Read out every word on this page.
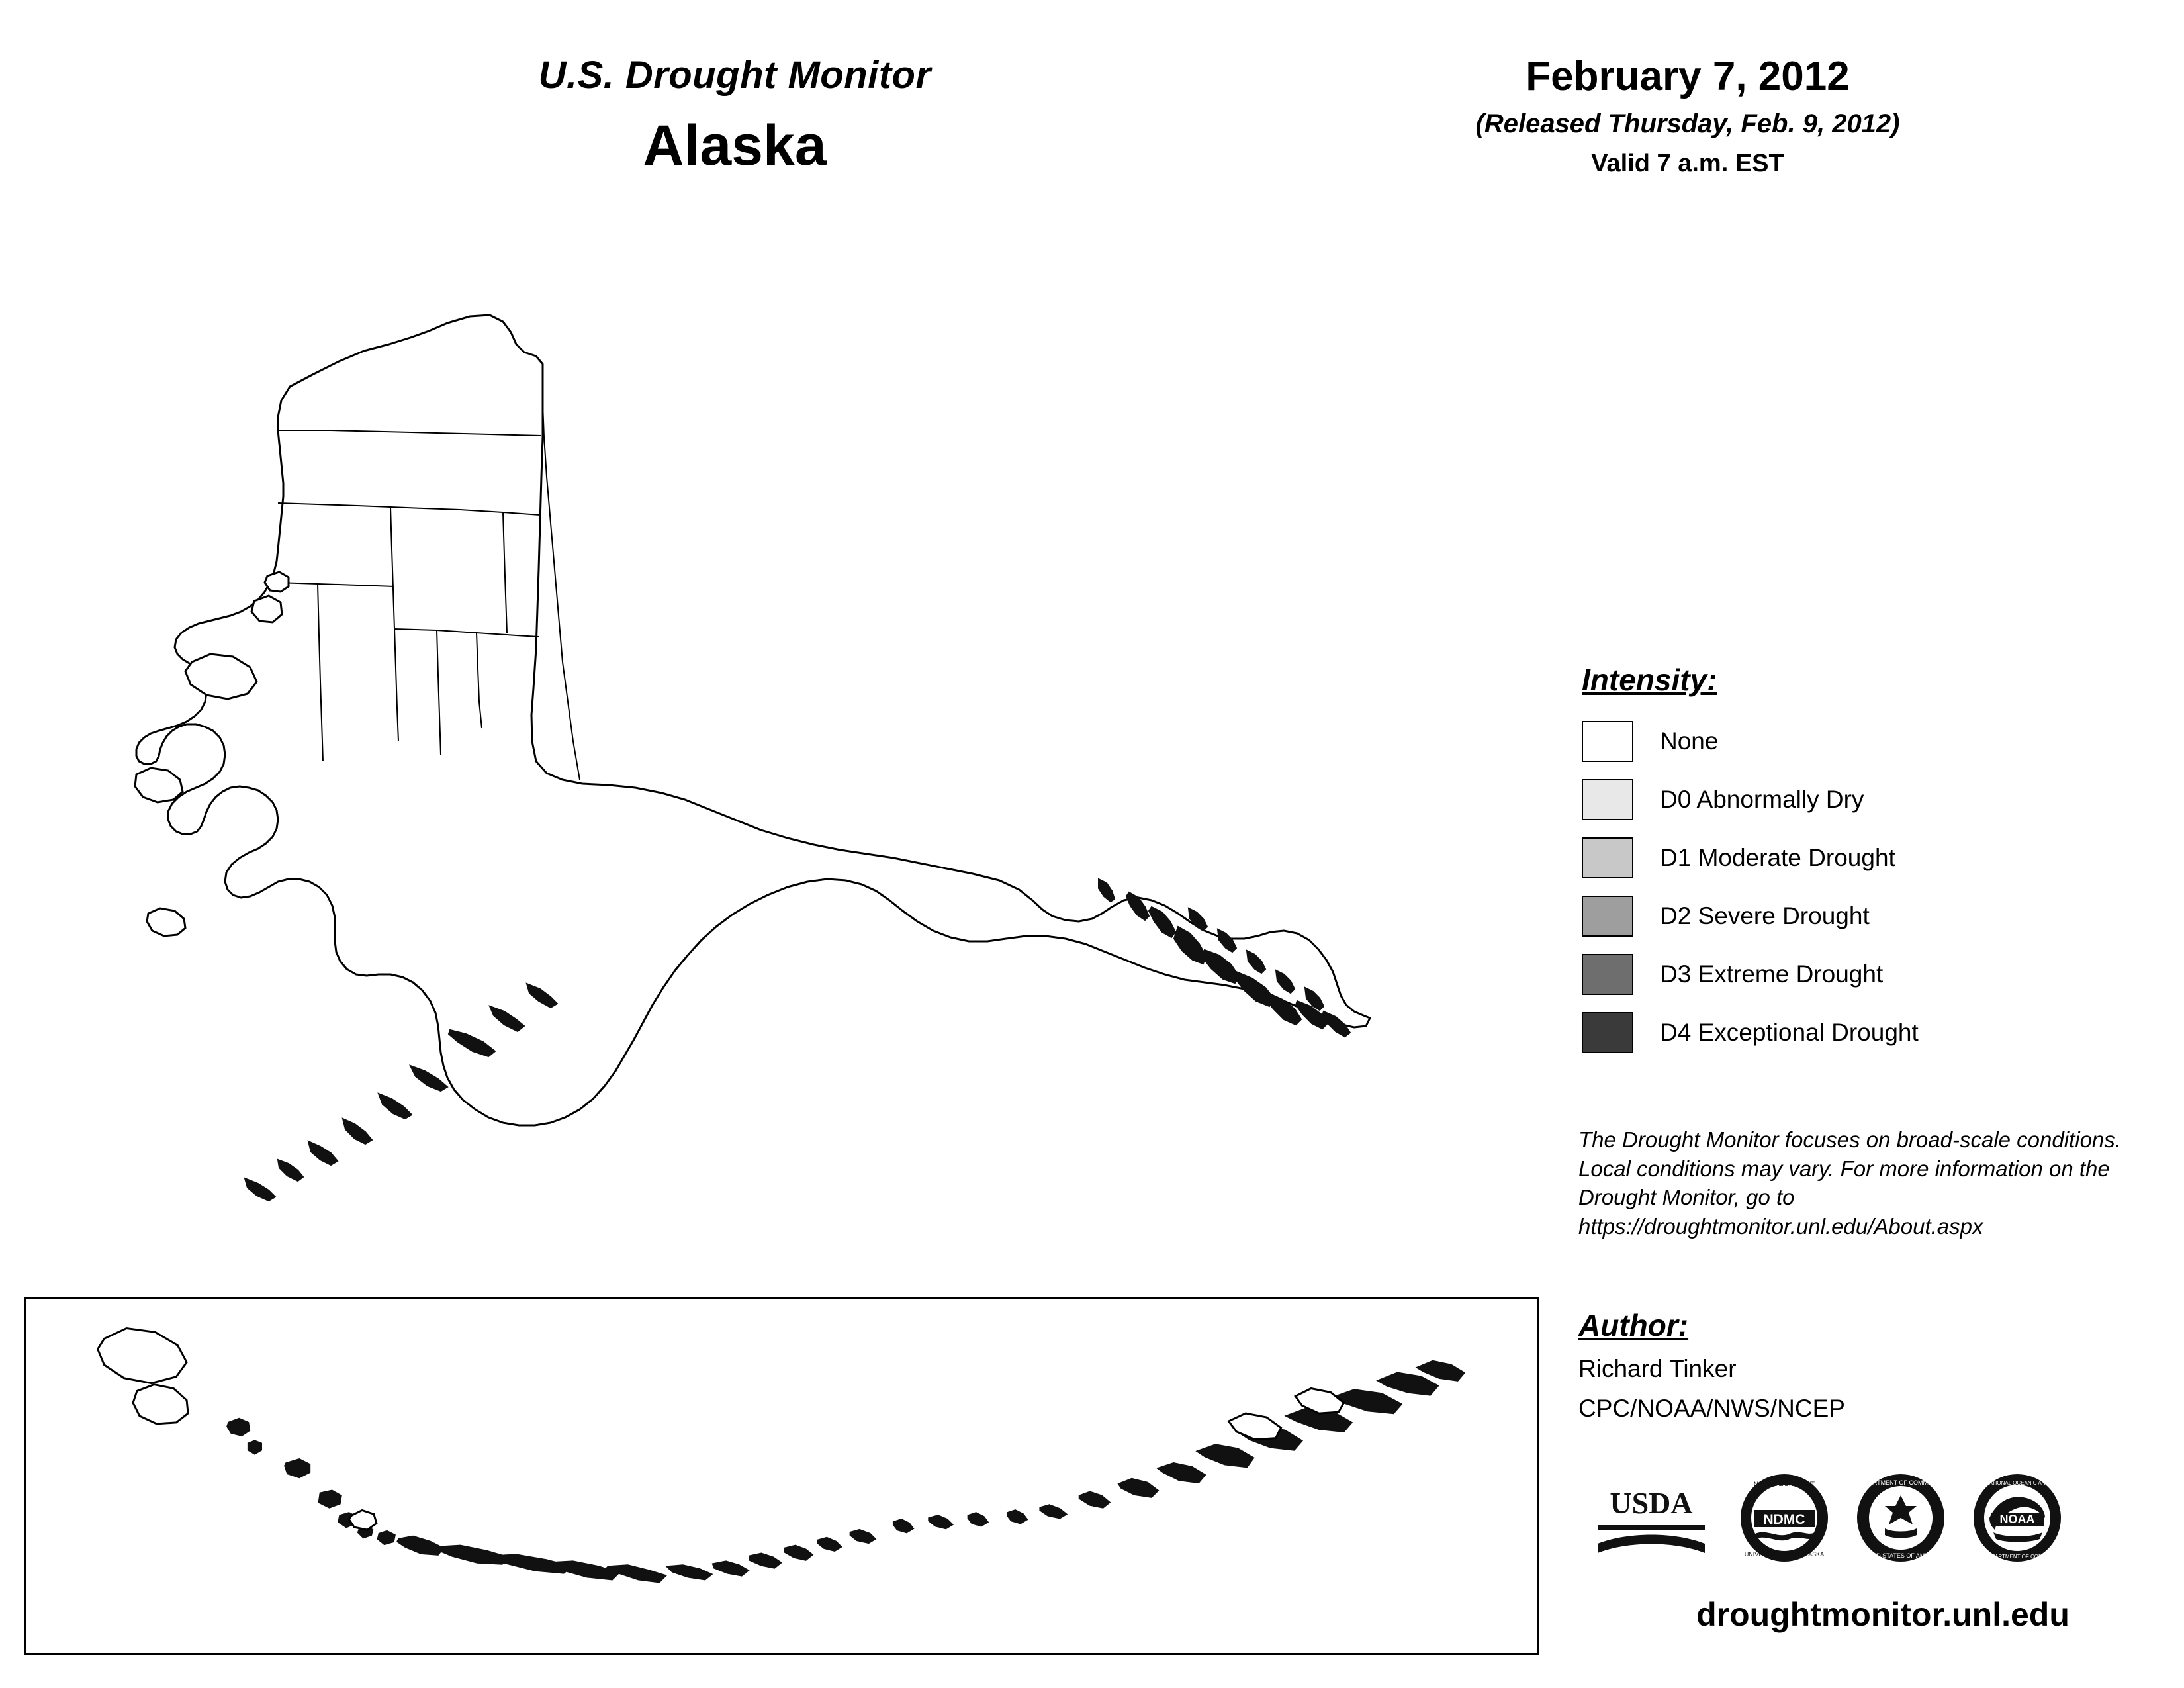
U.S. Drought Monitor
Alaska
February 7, 2012
(Released Thursday, Feb. 9, 2012)
Valid 7 a.m. EST
Intensity:
None
D0 Abnormally Dry
D1 Moderate Drought
D2 Severe Drought
D3 Extreme Drought
D4 Exceptional Drought
The Drought Monitor focuses on broad-scale conditions. Local conditions may vary. For more information on the Drought Monitor, go to https://droughtmonitor.unl.edu/About.aspx
Author:
Richard Tinker
CPC/NOAA/NWS/NCEP
USDA	NDMC
NATIONAL DROUGHT
UNIVERSITY OF NEBRASKA
DEPARTMENT OF COMMERCE
UNITED STATES OF AMERICA
NOAA
NATIONAL OCEANIC AND
U.S. DEPARTMENT OF COMMERCE
droughtmonitor.unl.edu
